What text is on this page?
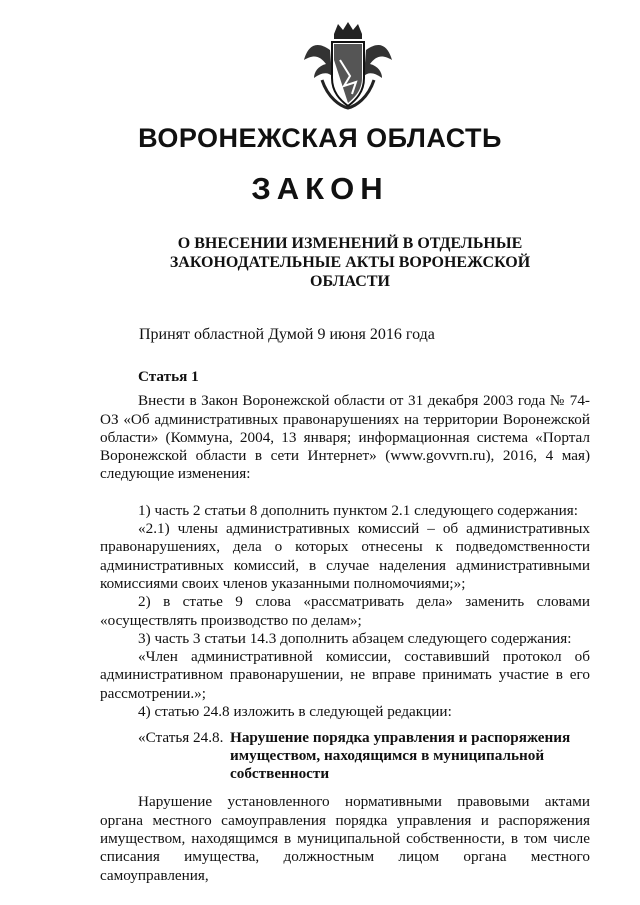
ВОРОНЕЖСКАЯ ОБЛАСТЬ
ЗАКОН
О ВНЕСЕНИИ ИЗМЕНЕНИЙ В ОТДЕЛЬНЫЕ ЗАКОНОДАТЕЛЬНЫЕ АКТЫ ВОРОНЕЖСКОЙ ОБЛАСТИ
Принят областной Думой 9 июня 2016 года

Статья 1

Внести в Закон Воронежской области от 31 декабря 2003 года № 74-ОЗ «Об административных правонарушениях на территории Воронежской области» (Коммуна, 2004, 13 января; информационная система «Портал Воронежской области в сети Интернет» (www.govvrn.ru), 2016, 4 мая) следующие изменения:

1) часть 2 статьи 8 дополнить пунктом 2.1 следующего содержания:

«2.1) члены административных комиссий – об административных правонарушениях, дела о которых отнесены к подведомственности административных комиссий, в случае наделения административными комиссиями своих членов указанными полномочиями;»;

2) в статье 9 слова «рассматривать дела» заменить словами «осуществлять производство по делам»;

3) часть 3 статьи 14.3 дополнить абзацем следующего содержания:

«Член административной комиссии, составивший протокол об административном правонарушении, не вправе принимать участие в его рассмотрении.»;

4) статью 24.8 изложить в следующей редакции:

«Статья 24.8. Нарушение порядка управления и распоряжения имуществом, находящимся в муниципальной собственности

Нарушение установленного нормативными правовыми актами органа местного самоуправления порядка управления и распоряжения имуществом, находящимся в муниципальной собственности, в том числе списания имущества, должностным лицом органа местного самоуправления,
